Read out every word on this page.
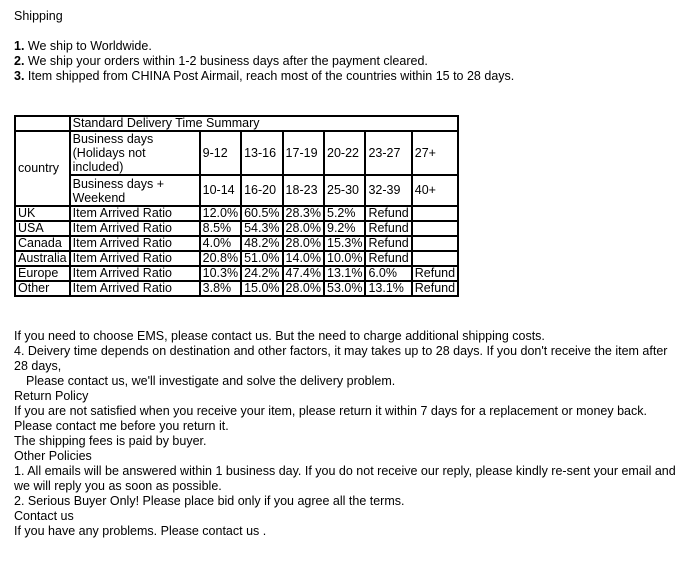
Shipping
1. We ship to Worldwide.
2. We ship your orders within 1-2 business days after the payment cleared.
3. Item shipped from CHINA Post Airmail, reach most of the countries within 15 to 28 days.
	Standard Delivery Time Summary						
country	Business days (Holidays not included)	9-12	13-16	17-19	20-22	23-27	27+
	Business days + Weekend	10-14	16-20	18-23	25-30	32-39	40+
UK	Item Arrived Ratio	12.0%	60.5%	28.3%	5.2%	Refund	
USA	Item Arrived Ratio	8.5%	54.3%	28.0%	9.2%	Refund	
Canada	Item Arrived Ratio	4.0%	48.2%	28.0%	15.3%	Refund	
Australia	Item Arrived Ratio	20.8%	51.0%	14.0%	10.0%	Refund	
Europe	Item Arrived Ratio	10.3%	24.2%	47.4%	13.1%	6.0%	Refund
Other	Item Arrived Ratio	3.8%	15.0%	28.0%	53.0%	13.1%	Refund

If you need to choose EMS, please contact us. But the need to charge additional shipping costs.

4. Deivery time depends on destination and other factors, it may takes up to 28 days. If you don't receive the item after 28 days,

Please contact us, we'll investigate and solve the delivery problem.

Return Policy

If you are not satisfied when you receive your item, please return it within 7 days for a replacement or money back.

Please contact me before you return it.

The shipping fees is paid by buyer.

Other Policies

1. All emails will be answered within 1 business day. If you do not receive our reply, please kindly re-sent your email and we will reply you as soon as possible.

2. Serious Buyer Only! Please place bid only if you agree all the terms.

Contact us

If you have any problems. Please contact us .
